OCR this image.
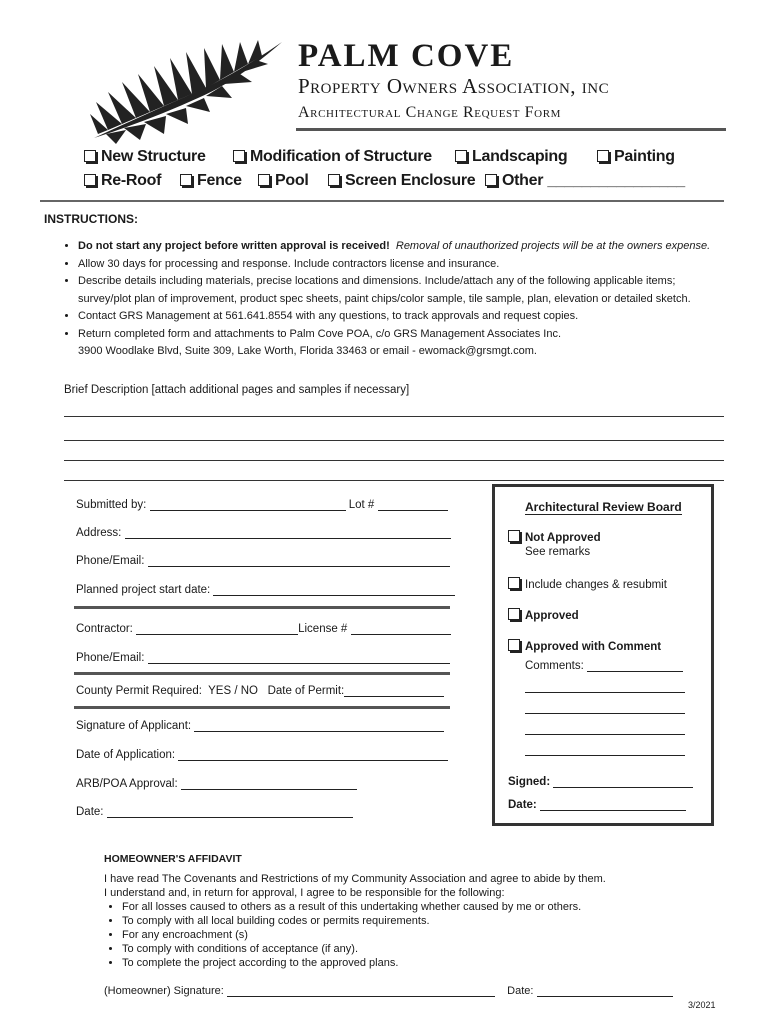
PALM COVE
Property Owners Association, inc
Architectural Change Request Form
New Structure	Modification of Structure	Landscaping	Painting
Re-Roof	Fence	Pool	Screen Enclosure	Other ________________
INSTRUCTIONS:
• Do not start any project before written approval is received! Removal of unauthorized projects will be at the owners expense.
• Allow 30 days for processing and response. Include contractors license and insurance.
• Describe details including materials, precise locations and dimensions. Include/attach any of the following applicable items;
survey/plot plan of improvement, product spec sheets, paint chips/color sample, tile sample, plan, elevation or detailed sketch.
• Contact GRS Management at 561.641.8554 with any questions, to track approvals and request copies.
• Return completed form and attachments to Palm Cove POA, c/o GRS Management Associates Inc.
3900 Woodlake Blvd, Suite 309, Lake Worth, Florida 33463 or email - ewomack@grsmgt.com.
Brief Description [attach additional pages and samples if necessary]
Submitted by:	Lot #
Address:
Phone/Email:
Planned project start date:
Contractor:	License #
Phone/Email:
County Permit Required: YES / NO Date of Permit:
Signature of Applicant:
Date of Application:
ARB/POA Approval:
Date:
Architectural Review Board
Not Approved
See remarks
Include changes & resubmit
Approved
Approved with Comment
Comments:
Signed:
Date:
HOMEOWNER'S AFFIDAVIT
I have read The Covenants and Restrictions of my Community Association and agree to abide by them.
I understand and, in return for approval, I agree to be responsible for the following:
• For all losses caused to others as a result of this undertaking whether caused by me or others.
• To comply with all local building codes or permits requirements.
• For any encroachment (s)
• To comply with conditions of acceptance (if any).
• To complete the project according to the approved plans.
(Homeowner) Signature:	Date:
3/2021
